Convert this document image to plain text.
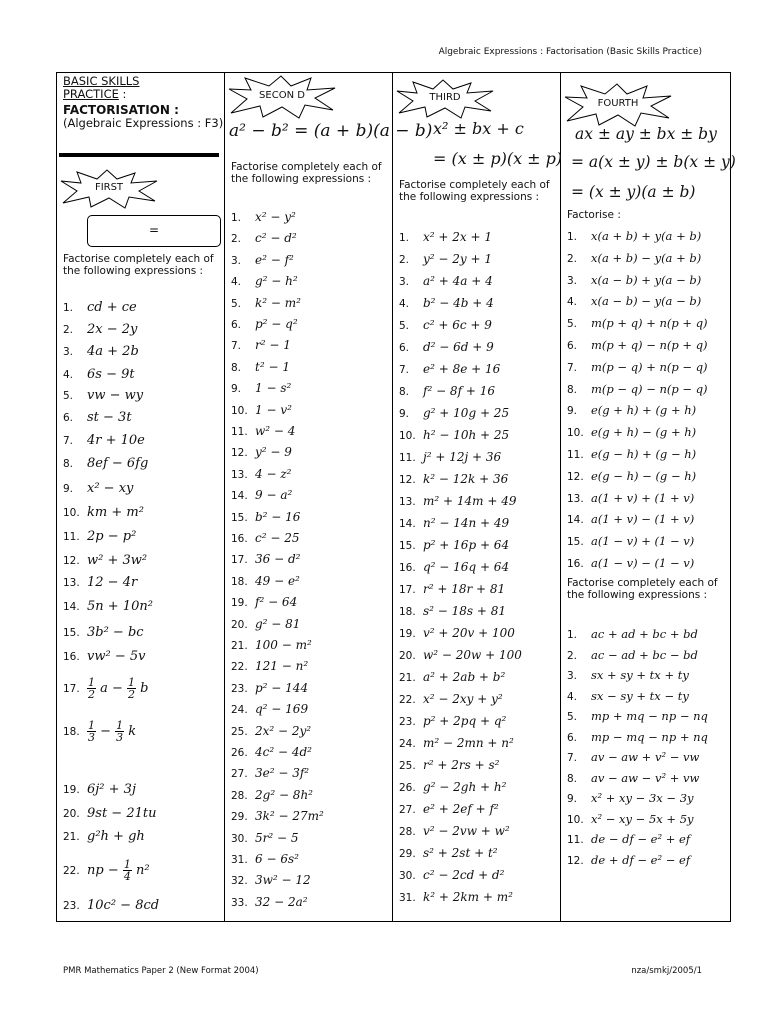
Algebraic Expressions : Factorisation (Basic Skills Practice)
BASIC SKILLS
PRACTICE :
FACTORISATION :
(Algebraic Expressions : F3)
FIRST
=
Factorise completely each of the following expressions :
1. cd + ce
2. 2x − 2y
3. 4a + 2b
4. 6s − 9t
5. vw − wy
6. st − 3t
7. 4r + 10e
8. 8ef − 6fg
9. x² − xy
10. km + m²
11. 2p − p²
12. w² + 3w²
13. 12 − 4r
14. 5n + 10n²
15. 3b² − bc
16. vw² − 5v
17. $\frac{1}{2}$ $a - \frac{1}{2}$ b
18. $\frac{1}{3} - \frac{1}{3}$ k
19. 6j² + 3j
20. 9st − 21tu
21. g²h + gh
22. np − $\frac{1}{4} n^2$
23. 10c² − 8cd
SECON D
a² − b² = (a + b)(a − b)
Factorise completely each of the following expressions :
1. x² − y²
2. c² − d²
3. e² − f²
4. g² − h²
5. k² − m²
6. p² − q²
7. r² − 1
8. t² − 1
9. 1 − s²
10. 1 − v²
11. w² − 4
12. y² − 9
13. 4 − z²
14. 9 − a²
15. b² − 16
16. c² − 25
17. 36 − d²
18. 49 − e²
19. f² − 64
20. g² − 81
21. 100 − m²
22. 121 − n²
23. p² − 144
24. q² − 169
25. 2x² − 2y²
26. 4c² − 4d²
27. 3e² − 3f²
28. 2g² − 8h²
29. 3k² − 27m²
30. 5r² − 5
31. 6 − 6s²
32. 3w² − 12
33. 32 − 2a²
THIRD
x² ± bx + c
= (x ± p)(x ± p)
Factorise completely each of the following expressions :
1. x² + 2x + 1
2. y² − 2y + 1
3. a² + 4a + 4
4. b² − 4b + 4
5. c² + 6c + 9
6. d² − 6d + 9
7. e² + 8e + 16
8. f² − 8f + 16
9. g² + 10g + 25
10. h² − 10h + 25
11. j² + 12j + 36
12. k² − 12k + 36
13. m² + 14m + 49
14. n² − 14n + 49
15. p² + 16p + 64
16. q² − 16q + 64
17. r² + 18r + 81
18. s² − 18s + 81
19. v² + 20v + 100
20. w² − 20w + 100
21. a² + 2ab + b²
22. x² − 2xy + y²
23. p² + 2pq + q²
24. m² − 2mn + n²
25. r² + 2rs + s²
26. g² − 2gh + h²
27. e² + 2ef + f²
28. v² − 2vw + w²
29. s² + 2st + t²
30. c² − 2cd + d²
31. k² + 2km + m²
FOURTH
ax ± ay ± bx ± by
= a(x ± y) ± b(x ± y)
= (x ± y)(a ± b)
Factorise :
1. x(a + b) + y(a + b)
2. x(a + b) − y(a + b)
3. x(a − b) + y(a − b)
4. x(a − b) − y(a − b)
5. m(p + q) + n(p + q)
6. m(p + q) − n(p + q)
7. m(p − q) + n(p − q)
8. m(p − q) − n(p − q)
9. e(g + h) + (g + h)
10. e(g + h) − (g + h)
11. e(g − h) + (g − h)
12. e(g − h) − (g − h)
13. a(1 + v) + (1 + v)
14. a(1 + v) − (1 + v)
15. a(1 − v) + (1 − v)
16. a(1 − v) − (1 − v)
Factorise completely each of the following expressions :
1. ac + ad + bc + bd
2. ac − ad + bc − bd
3. sx + sy + tx + ty
4. sx − sy + tx − ty
5. mp + mq − np − nq
6. mp − mq − np + nq
7. av − aw + v² − vw
8. av − aw − v² + vw
9. x² + xy − 3x − 3y
10. x² − xy − 5x + 5y
11. de − df − e² + ef
12. de + df − e² − ef
PMR Mathematics Paper 2 (New Format 2004)	nza/smkj/2005/1
